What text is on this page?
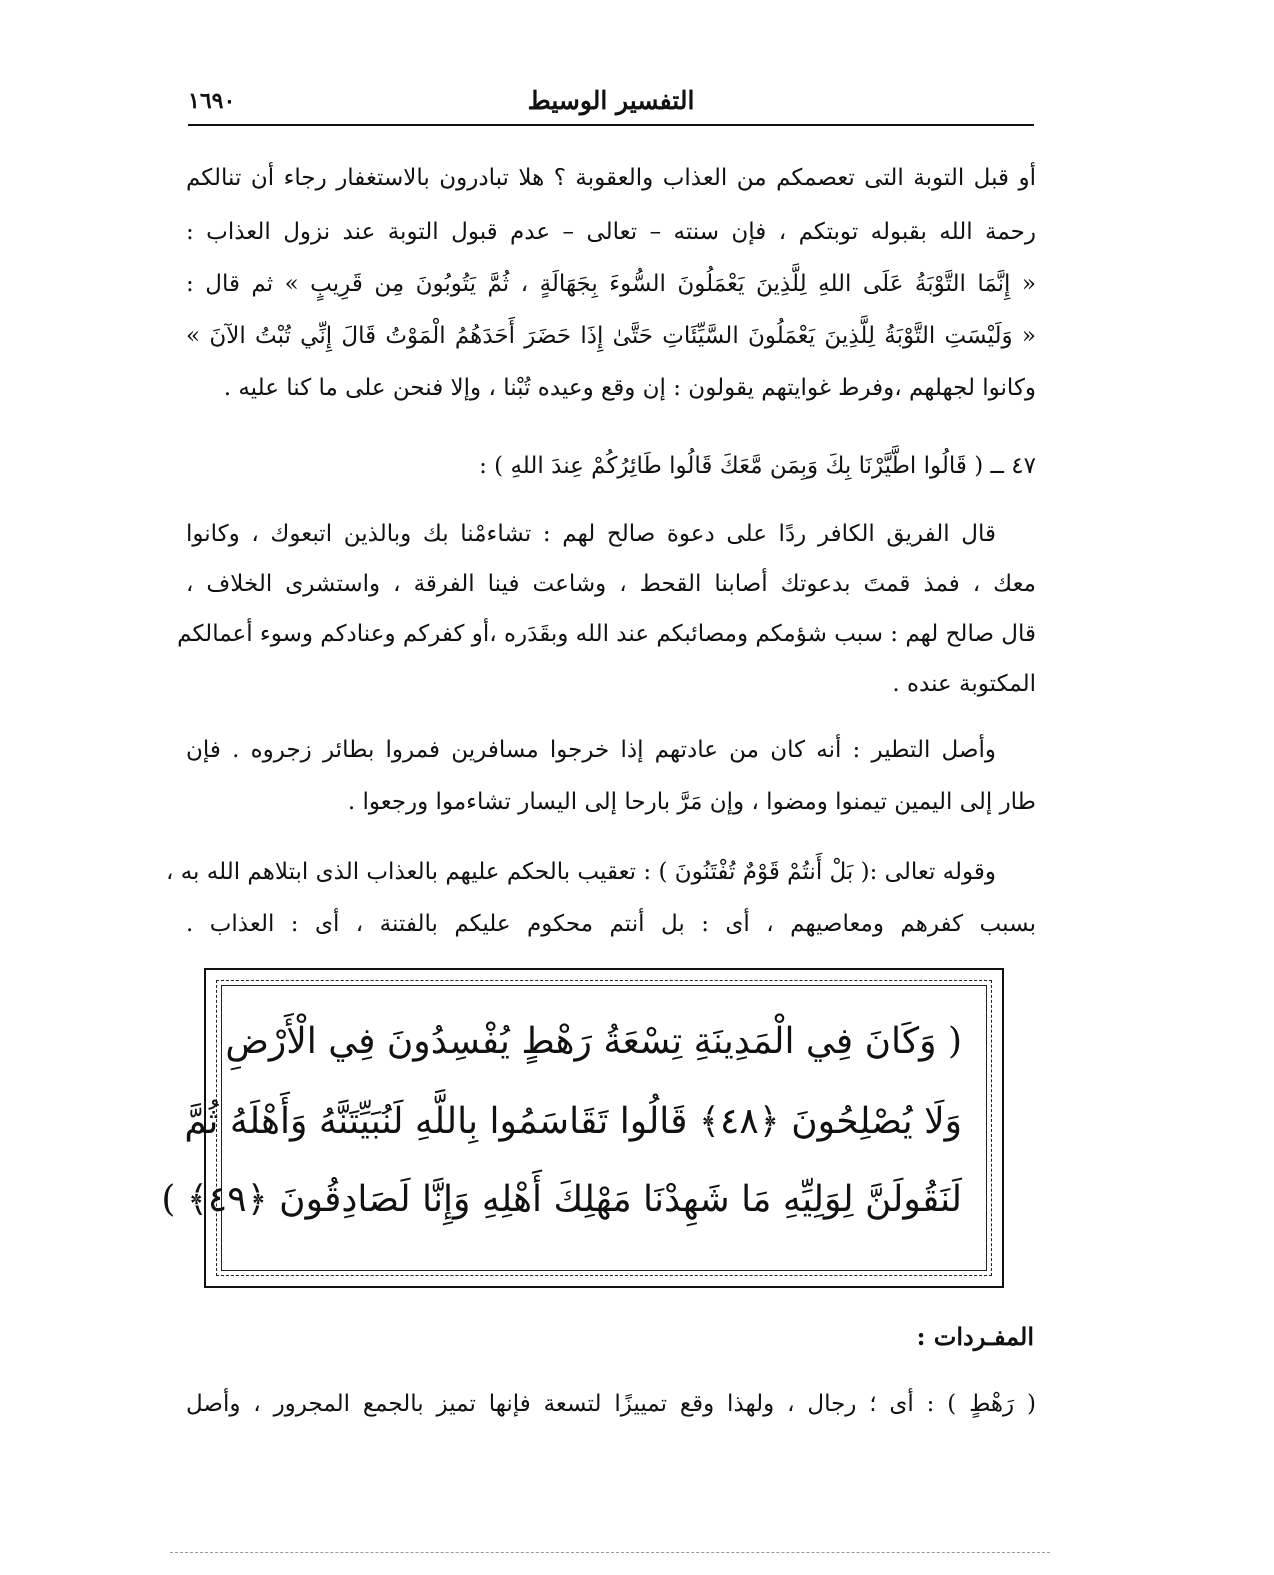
التفسير الوسيط
١٦٩٠
أو قبل التوبة التى تعصمكم من العذاب والعقوبة ؟ هلا تبادرون بالاستغفار رجاء أن تنالكم
رحمة الله بقبوله توبتكم ، فإن سنته – تعالى – عدم قبول التوبة عند نزول العذاب :
« إِنَّمَا التَّوْبَةُ عَلَى اللهِ لِلَّذِينَ يَعْمَلُونَ السُّوءَ بِجَهَالَةٍ ، ثُمَّ يَتُوبُونَ مِن قَرِيبٍ » ثم قال :
« وَلَيْسَتِ التَّوْبَةُ لِلَّذِينَ يَعْمَلُونَ السَّيِّئَاتِ حَتَّىٰ إِذَا حَضَرَ أَحَدَهُمُ الْمَوْتُ قَالَ إِنِّي تُبْتُ الآنَ »
وكانوا لجهلهم ،وفرط غوايتهم يقولون : إن وقع وعيده تُبْنا ، وإلا فنحن على ما كنا عليه .
٤٧ ــ ( قَالُوا اطَّيَّرْنَا بِكَ وَبِمَن مَّعَكَ قَالُوا طَائِرُكُمْ عِندَ اللهِ ) :
قال الفريق الكافر ردًا على دعوة صالح لهم : تشاءمْنا بك وبالذين اتبعوك ، وكانوا
معك ، فمذ قمتَ بدعوتك أصابنا القحط ، وشاعت فينا الفرقة ، واستشرى الخلاف ،
قال صالح لهم : سبب شؤمكم ومصائبكم عند الله وبقَدَره ،أو كفركم وعنادكم وسوء أعمالكم
المكتوبة عنده .
وأصل التطير : أنه كان من عادتهم إذا خرجوا مسافرين فمروا بطائر زجروه . فإن
طار إلى اليمين تيمنوا ومضوا ، وإن مَرَّ بارحا إلى اليسار تشاءموا ورجعوا .
وقوله تعالى :( بَلْ أَنتُمْ قَوْمٌ تُفْتَنُونَ ) : تعقيب بالحكم عليهم بالعذاب الذى ابتلاهم الله به ،
بسبب كفرهم ومعاصيهم ، أى : بل أنتم محكوم عليكم بالفتنة ، أى : العذاب .
( وَكَانَ فِي الْمَدِينَةِ تِسْعَةُ رَهْطٍ يُفْسِدُونَ فِي الْأَرْضِ
وَلَا يُصْلِحُونَ ﴿٤٨﴾ قَالُوا تَقَاسَمُوا بِاللَّهِ لَنُبَيِّتَنَّهُ وَأَهْلَهُ ثُمَّ
لَنَقُولَنَّ لِوَلِيِّهِ مَا شَهِدْنَا مَهْلِكَ أَهْلِهِ وَإِنَّا لَصَادِقُونَ ﴿٤٩﴾ )
المفـردات :
( رَهْطٍ ) : أى ؛ رجال ، ولهذا وقع تمييزًا لتسعة فإنها تميز بالجمع المجرور ، وأصل
